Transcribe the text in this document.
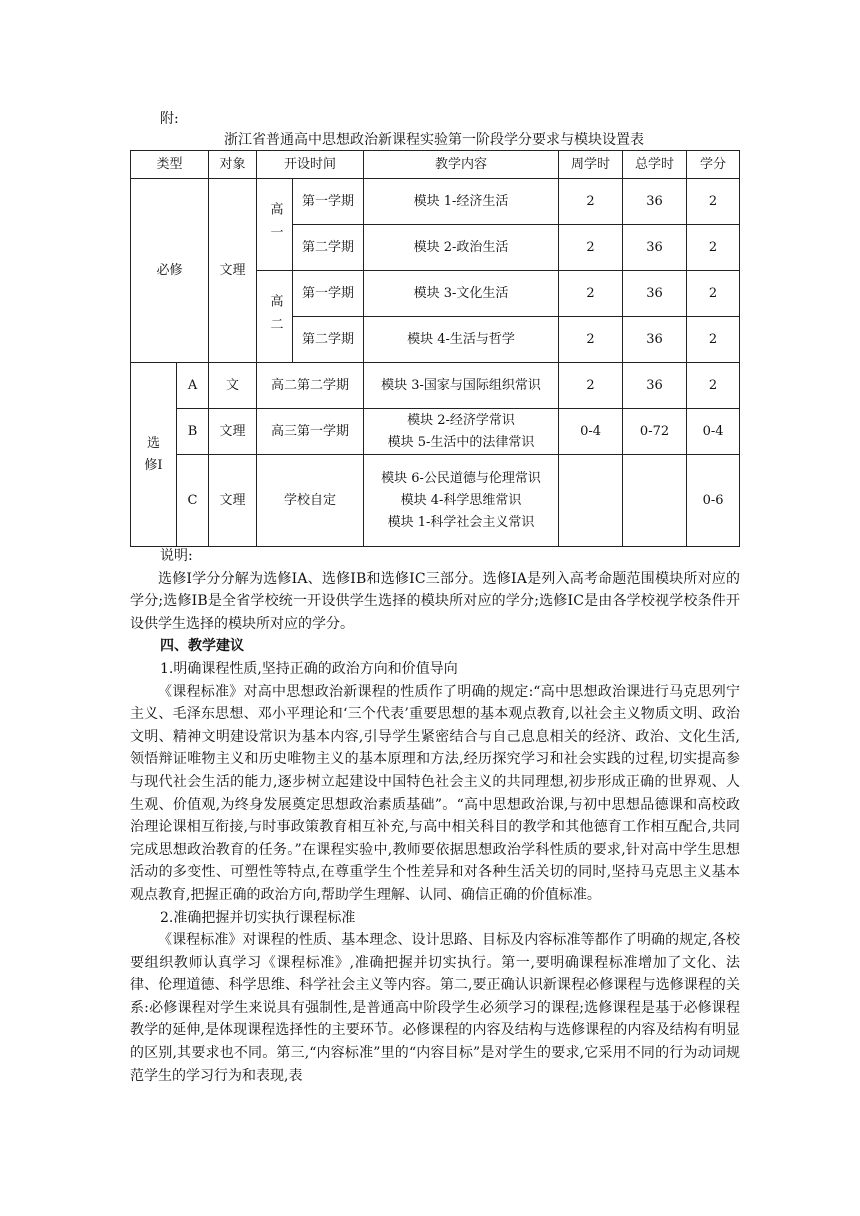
附:
浙江省普通高中思想政治新课程实验第一阶段学分要求与模块设置表
类型		对象	开设时间		教学内容	周学时	总学时	学分
必修		文理	高一	第一学期	模块 1-经济生活	2	36	2
				第二学期	模块 2-政治生活	2	36	2
			高二	第一学期	模块 3-文化生活	2	36	2
				第二学期	模块 4-生活与哲学	2	36	2
选修Ⅰ	A	文	高二第二学期		模块 3-国家与国际组织常识	2	36	2
	B	文理	高三第一学期		模块 2-经济学常识
模块 5-生活中的法律常识	0-4	0-72	0-4
	C	文理	学校自定		模块 6-公民道德与伦理常识
模块 4-科学思维常识
模块 1-科学社会主义常识			0-6

说明:

选修Ⅰ学分分解为选修ⅠA、选修ⅠB和选修ⅠC三部分。选修ⅠA是列入高考命题范围模块所对应的学分;选修ⅠB是全省学校统一开设供学生选择的模块所对应的学分;选修ⅠC是由各学校视学校条件开设供学生选择的模块所对应的学分。

四、教学建议

1.明确课程性质,坚持正确的政治方向和价值导向

《课程标准》对高中思想政治新课程的性质作了明确的规定:“高中思想政治课进行马克思列宁主义、毛泽东思想、邓小平理论和‘三个代表’重要思想的基本观点教育,以社会主义物质文明、政治文明、精神文明建设常识为基本内容,引导学生紧密结合与自己息息相关的经济、政治、文化生活,领悟辩证唯物主义和历史唯物主义的基本原理和方法,经历探究学习和社会实践的过程,切实提高参与现代社会生活的能力,逐步树立起建设中国特色社会主义的共同理想,初步形成正确的世界观、人生观、价值观,为终身发展奠定思想政治素质基础”。“高中思想政治课,与初中思想品德课和高校政治理论课相互衔接,与时事政策教育相互补充,与高中相关科目的教学和其他德育工作相互配合,共同完成思想政治教育的任务。”在课程实验中,教师要依据思想政治学科性质的要求,针对高中学生思想活动的多变性、可塑性等特点,在尊重学生个性差异和对各种生活关切的同时,坚持马克思主义基本观点教育,把握正确的政治方向,帮助学生理解、认同、确信正确的价值标准。

2.准确把握并切实执行课程标准

《课程标准》对课程的性质、基本理念、设计思路、目标及内容标准等都作了明确的规定,各校要组织教师认真学习《课程标准》,准确把握并切实执行。第一,要明确课程标准增加了文化、法律、伦理道德、科学思维、科学社会主义等内容。第二,要正确认识新课程必修课程与选修课程的关系:必修课程对学生来说具有强制性,是普通高中阶段学生必须学习的课程;选修课程是基于必修课程教学的延伸,是体现课程选择性的主要环节。必修课程的内容及结构与选修课程的内容及结构有明显的区别,其要求也不同。第三,“内容标准”里的“内容目标”是对学生的要求,它采用不同的行为动词规范学生的学习行为和表现,表
